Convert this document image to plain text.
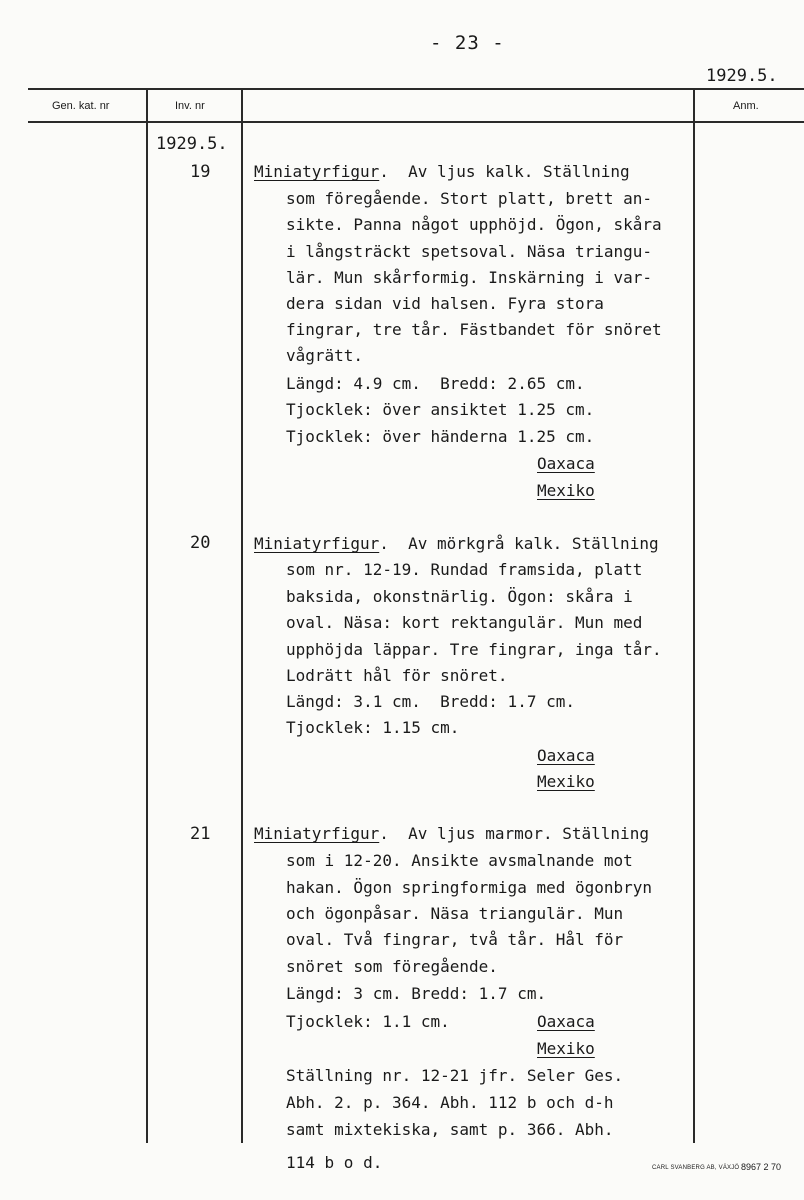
- 23 -
1929.5.
Gen. kat. nr	Inv. nr	Anm.
1929.5.
19	Miniatyrfigur.  Av ljus kalk. Ställning
som föregående. Stort platt, brett an-
sikte. Panna något upphöjd. Ögon, skåra
i långsträckt spetsoval. Näsa triangu-
lär. Mun skårformig. Inskärning i var-
dera sidan vid halsen. Fyra stora
fingrar, tre tår. Fästbandet för snöret
vågrätt.
Längd: 4.9 cm.  Bredd: 2.65 cm.
Tjocklek: över ansiktet 1.25 cm.
Tjocklek: över händerna 1.25 cm.
Oaxaca
Mexiko
20	Miniatyrfigur.  Av mörkgrå kalk. Ställning
som nr. 12-19. Rundad framsida, platt
baksida, okonstnärlig. Ögon: skåra i
oval. Näsa: kort rektangulär. Mun med
upphöjda läppar. Tre fingrar, inga tår.
Lodrätt hål för snöret.
Längd: 3.1 cm.  Bredd: 1.7 cm.
Tjocklek: 1.15 cm.
Oaxaca
Mexiko
21	Miniatyrfigur.  Av ljus marmor. Ställning
som i 12-20. Ansikte avsmalnande mot
hakan. Ögon springformiga med ögonbryn
och ögonpåsar. Näsa triangulär. Mun
oval. Två fingrar, två tår. Hål för
snöret som föregående.
Längd: 3 cm. Bredd: 1.7 cm.
Tjocklek: 1.1 cm.	Oaxaca
Mexiko
Ställning nr. 12-21 jfr. Seler Ges.
Abh. 2. p. 364. Abh. 112 b och d-h
samt mixtekiska, samt p. 366. Abh.
114 b o d.	CARL SVANBERG AB, VÄXJÖ 8967 2 70
